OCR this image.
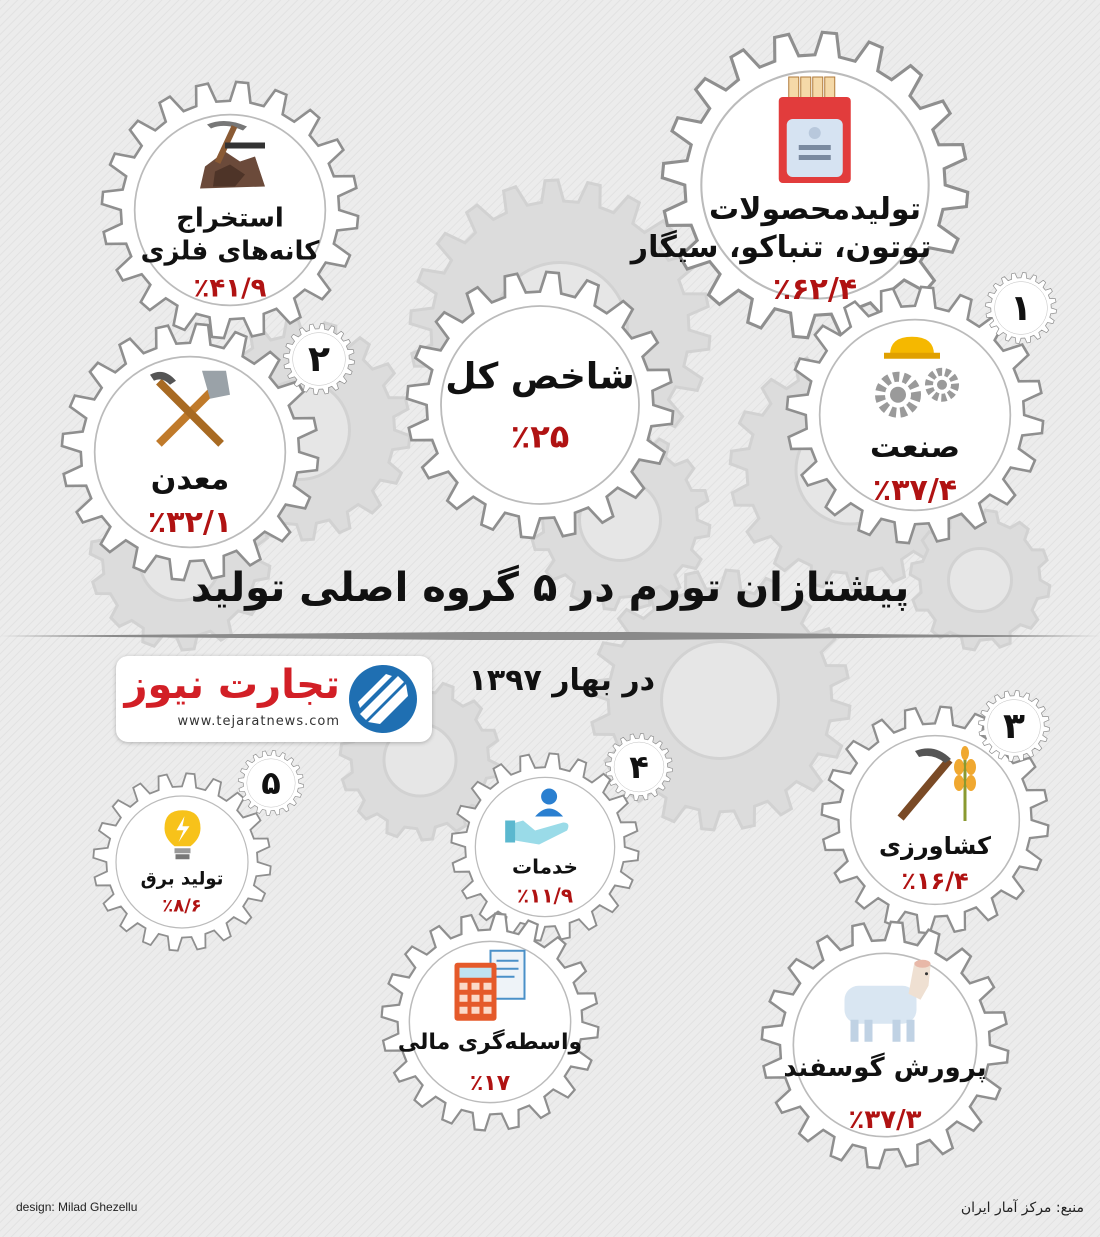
تولیدمحصولات
توتون، تنباکو، سیگار
٪۶۲/۴
استخراج
کانه‌های فلزی
٪۴۱/۹
شاخص کل
٪۲۵	صنعت
٪۳۷/۴
۱
معدن
٪۳۲/۱
۲
پیشتازان تورم در ۵ گروه اصلی تولید
در بهار ۱۳۹۷
تجارت نیوز
www.tejaratnews.com
کشاورزی
٪۱۶/۴
۳
خدمات
٪۱۱/۹
۴
تولید برق
٪۸/۶
۵
واسطه‌گری مالی
٪۱۷	پرورش گوسفند
٪۳۷/۳
design: Milad Ghezellu	منبع: مرکز آمار ایران
